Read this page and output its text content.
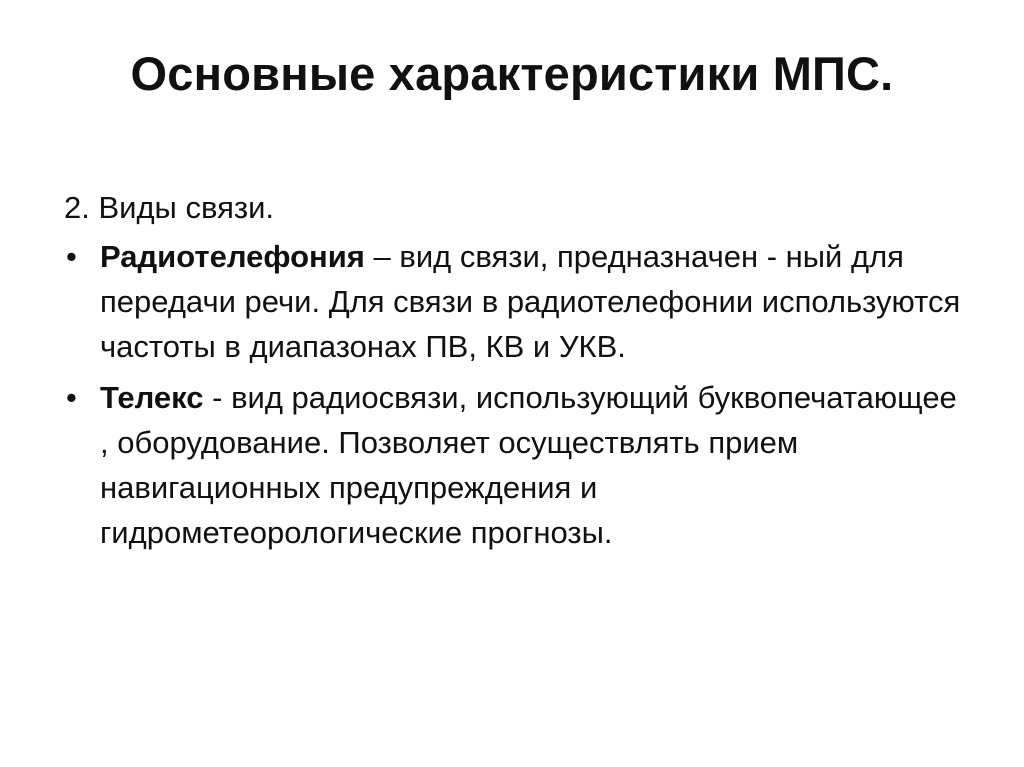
Основные характеристики МПС.

2. Виды связи.

• Радиотелефония – вид связи, предназначен - ный для передачи речи. Для связи в радиотелефонии используются частоты в диапазонах ПВ, КВ и УКВ.
• Телекс - вид радиосвязи, использующий буквопечатающее , оборудование. Позволяет осуществлять прием навигационных предупреждения и гидрометеорологические прогнозы.
